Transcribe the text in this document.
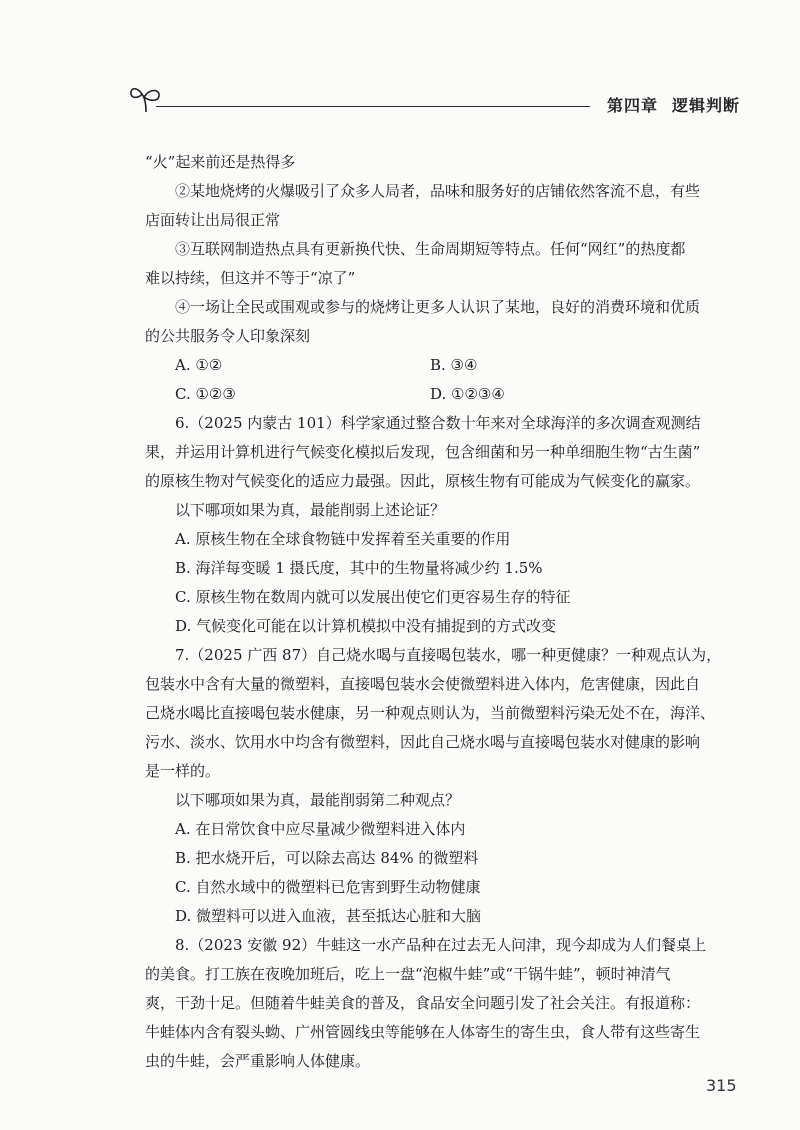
第四章 逻辑判断

“火”起来前还是热得多

②某地烧烤的火爆吸引了众多人局者，品味和服务好的店铺依然客流不息，有些

店面转让出局很正常

③互联网制造热点具有更新换代快、生命周期短等特点。任何“网红”的热度都

难以持续，但这并不等于“凉了”

④一场让全民或围观或参与的烧烤让更多人认识了某地，良好的消费环境和优质

的公共服务令人印象深刻

A. ①②	B. ③④
C. ①②③	D. ①②③④

6.（2025 内蒙古 101）科学家通过整合数十年来对全球海洋的多次调查观测结

果，并运用计算机进行气候变化模拟后发现，包含细菌和另一种单细胞生物“古生菌”

的原核生物对气候变化的适应力最强。因此，原核生物有可能成为气候变化的赢家。

以下哪项如果为真，最能削弱上述论证？

A. 原核生物在全球食物链中发挥着至关重要的作用

B. 海洋每变暖 1 摄氏度，其中的生物量将减少约 1.5%

C. 原核生物在数周内就可以发展出使它们更容易生存的特征

D. 气候变化可能在以计算机模拟中没有捕捉到的方式改变

7.（2025 广西 87）自己烧水喝与直接喝包装水，哪一种更健康？一种观点认为，

包装水中含有大量的微塑料，直接喝包装水会使微塑料进入体内，危害健康，因此自

己烧水喝比直接喝包装水健康，另一种观点则认为，当前微塑料污染无处不在，海洋、

污水、淡水、饮用水中均含有微塑料，因此自己烧水喝与直接喝包装水对健康的影响

是一样的。

以下哪项如果为真，最能削弱第二种观点？

A. 在日常饮食中应尽量减少微塑料进入体内

B. 把水烧开后，可以除去高达 84% 的微塑料

C. 自然水域中的微塑料已危害到野生动物健康

D. 微塑料可以进入血液，甚至抵达心脏和大脑

8.（2023 安徽 92）牛蛙这一水产品种在过去无人问津，现今却成为人们餐桌上

的美食。打工族在夜晚加班后，吃上一盘“泡椒牛蛙”或“干锅牛蛙”，顿时神清气

爽，干劲十足。但随着牛蛙美食的普及，食品安全问题引发了社会关注。有报道称：

牛蛙体内含有裂头蚴、广州管圆线虫等能够在人体寄生的寄生虫，食人带有这些寄生

虫的牛蛙，会严重影响人体健康。

315
